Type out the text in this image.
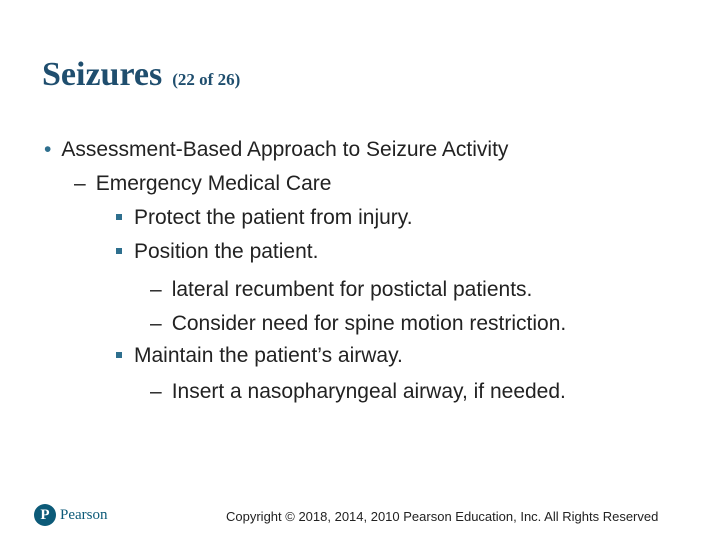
Seizures (22 of 26)
• Assessment-Based Approach to Seizure Activity
– Emergency Medical Care
Protect the patient from injury.
Position the patient.
– lateral recumbent for postictal patients.
– Consider need for spine motion restriction.
Maintain the patient’s airway.
– Insert a nasopharyngeal airway, if needed.
P Pearson	Copyright © 2018, 2014, 2010 Pearson Education, Inc. All Rights Reserved
